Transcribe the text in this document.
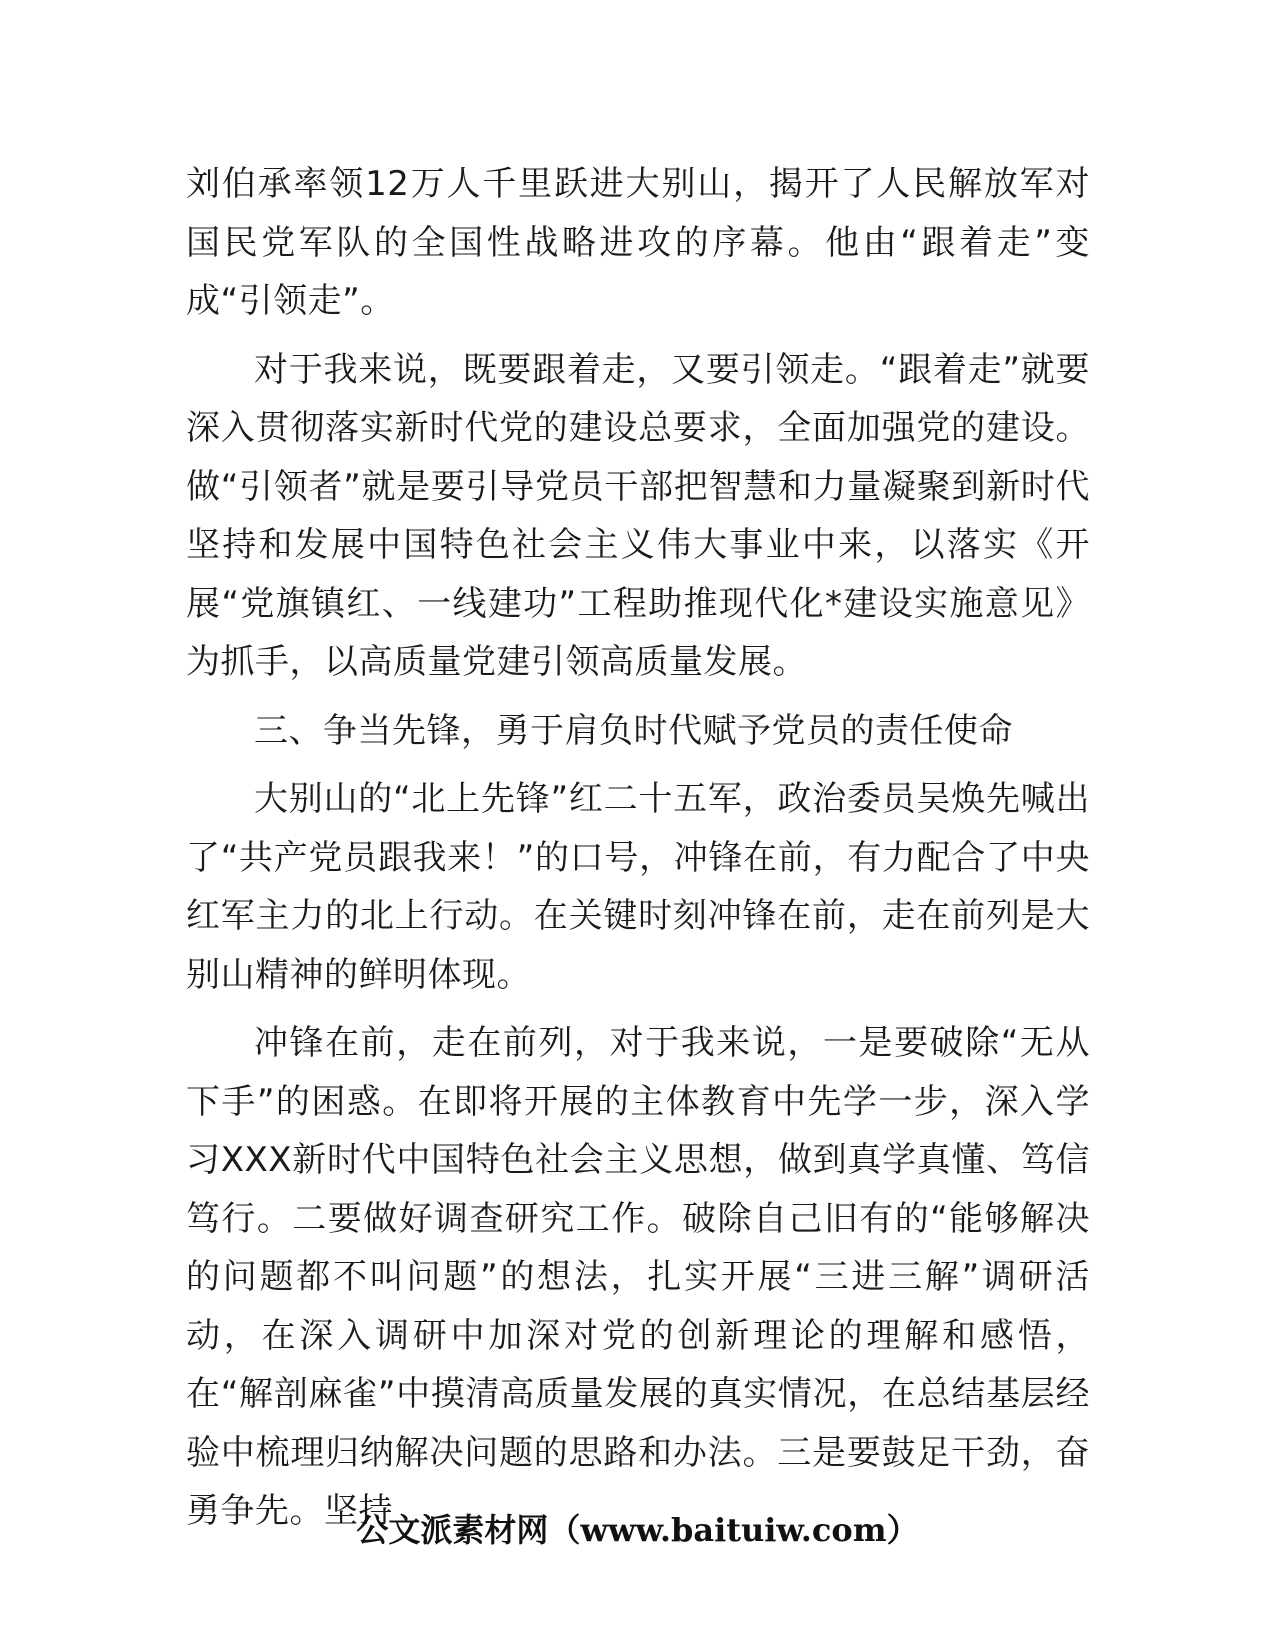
刘伯承率领12万人千里跃进大别山，揭开了人民解放军对国民党军队的全国性战略进攻的序幕。他由“跟着走”变成“引领走”。

对于我来说，既要跟着走，又要引领走。“跟着走”就要深入贯彻落实新时代党的建设总要求，全面加强党的建设。做“引领者”就是要引导党员干部把智慧和力量凝聚到新时代坚持和发展中国特色社会主义伟大事业中来，以落实《开展“党旗镇红、一线建功”工程助推现代化*建设实施意见》为抓手，以高质量党建引领高质量发展。

三、争当先锋，勇于肩负时代赋予党员的责任使命

大别山的“北上先锋”红二十五军，政治委员吴焕先喊出了“共产党员跟我来！”的口号，冲锋在前，有力配合了中央红军主力的北上行动。在关键时刻冲锋在前，走在前列是大别山精神的鲜明体现。

冲锋在前，走在前列，对于我来说，一是要破除“无从下手”的困惑。在即将开展的主体教育中先学一步，深入学习XXX新时代中国特色社会主义思想，做到真学真懂、笃信笃行。二要做好调查研究工作。破除自己旧有的“能够解决的问题都不叫问题”的想法，扎实开展“三进三解”调研活动，在深入调研中加深对党的创新理论的理解和感悟，在“解剖麻雀”中摸清高质量发展的真实情况，在总结基层经验中梳理归纳解决问题的思路和办法。三是要鼓足干劲，奋勇争先。坚持

公文派素材网（www.baituiw.com）
